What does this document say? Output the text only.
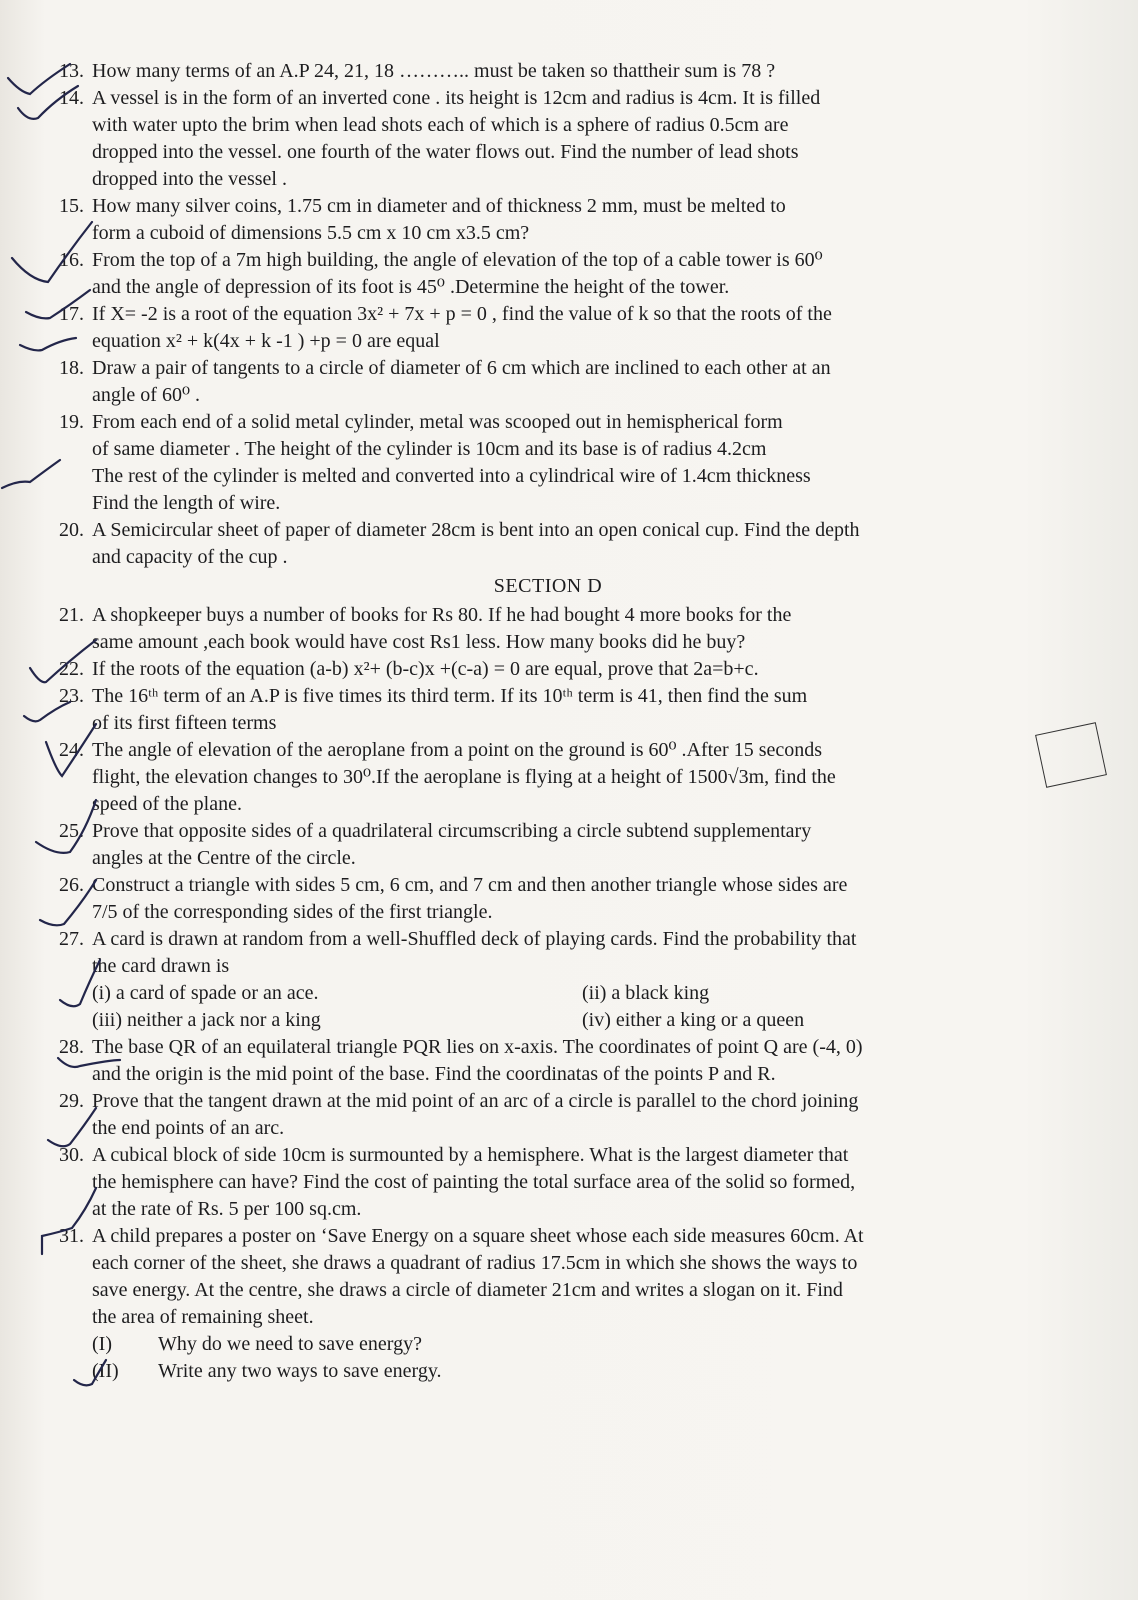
13. How many terms of an A.P 24, 21, 18 ……….. must be taken so thattheir sum is 78 ?

14. A vessel is in the form of an inverted cone . its height is 12cm and radius is 4cm. It is filled

with water upto the brim when lead shots each of which is a sphere of radius 0.5cm are

dropped into the vessel. one fourth of the water flows out. Find the number of lead shots

dropped into the vessel .

15. How many silver coins, 1.75 cm in diameter and of thickness 2 mm, must be melted to

form a cuboid of dimensions 5.5 cm x 10 cm x3.5 cm?

16. From the top of a 7m high building, the angle of elevation of the top of a cable tower is 60⁰

and the angle of depression of its foot is 45⁰ .Determine the height of the tower.

17. If X= -2 is a root of the equation 3x² + 7x + p = 0 , find the value of k so that the roots of the

equation x² + k(4x + k -1 ) +p = 0 are equal

18. Draw a pair of tangents to a circle of diameter of 6 cm which are inclined to each other at an

angle of 60⁰ .

19. From each end of a solid metal cylinder, metal was scooped out in hemispherical form

of same diameter . The height of the cylinder is 10cm and its base is of radius 4.2cm

The rest of the cylinder is melted and converted into a cylindrical wire of 1.4cm thickness

Find the length of wire.

20. A Semicircular sheet of paper of diameter 28cm is bent into an open conical cup. Find the depth

and capacity of the cup .

SECTION D
21. A shopkeeper buys a number of books for Rs 80. If he had bought 4 more books for the

same amount ,each book would have cost Rs1 less. How many books did he buy?

22. If the roots of the equation (a-b) x²+ (b-c)x +(c-a) = 0 are equal, prove that 2a=b+c.

23. The 16ᵗʰ term of an A.P is five times its third term. If its 10ᵗʰ term is 41, then find the sum

of its first fifteen terms

24. The angle of elevation of the aeroplane from a point on the ground is 60⁰ .After 15 seconds

flight, the elevation changes to 30⁰.If the aeroplane is flying at a height of 1500√3m, find the

speed of the plane.

25. Prove that opposite sides of a quadrilateral circumscribing a circle subtend supplementary

angles at the Centre of the circle.

26. Construct a triangle with sides 5 cm, 6 cm, and 7 cm and then another triangle whose sides are

7/5 of the corresponding sides of the first triangle.

27. A card is drawn at random from a well-Shuffled deck of playing cards. Find the probability that

the card drawn is

(i) a card of spade or an ace.	(ii) a black king
(iii) neither a jack nor a king	(iv) either a king or a queen
28. The base QR of an equilateral triangle PQR lies on x-axis. The coordinates of point Q are (-4, 0)

and the origin is the mid point of the base. Find the coordinatas of the points P and R.

29. Prove that the tangent drawn at the mid point of an arc of a circle is parallel to the chord joining

the end points of an arc.

30. A cubical block of side 10cm is surmounted by a hemisphere. What is the largest diameter that

the hemisphere can have? Find the cost of painting the total surface area of the solid so formed,

at the rate of Rs. 5 per 100 sq.cm.

31. A child prepares a poster on ‘Save Energy on a square sheet whose each side measures 60cm. At

each corner of the sheet, she draws a quadrant of radius 17.5cm in which she shows the ways to

save energy. At the centre, she draws a circle of diameter 21cm and writes a slogan on it. Find

the area of remaining sheet.

(I)	Why do we need to save energy?
(II)	Write any two ways to save energy.
